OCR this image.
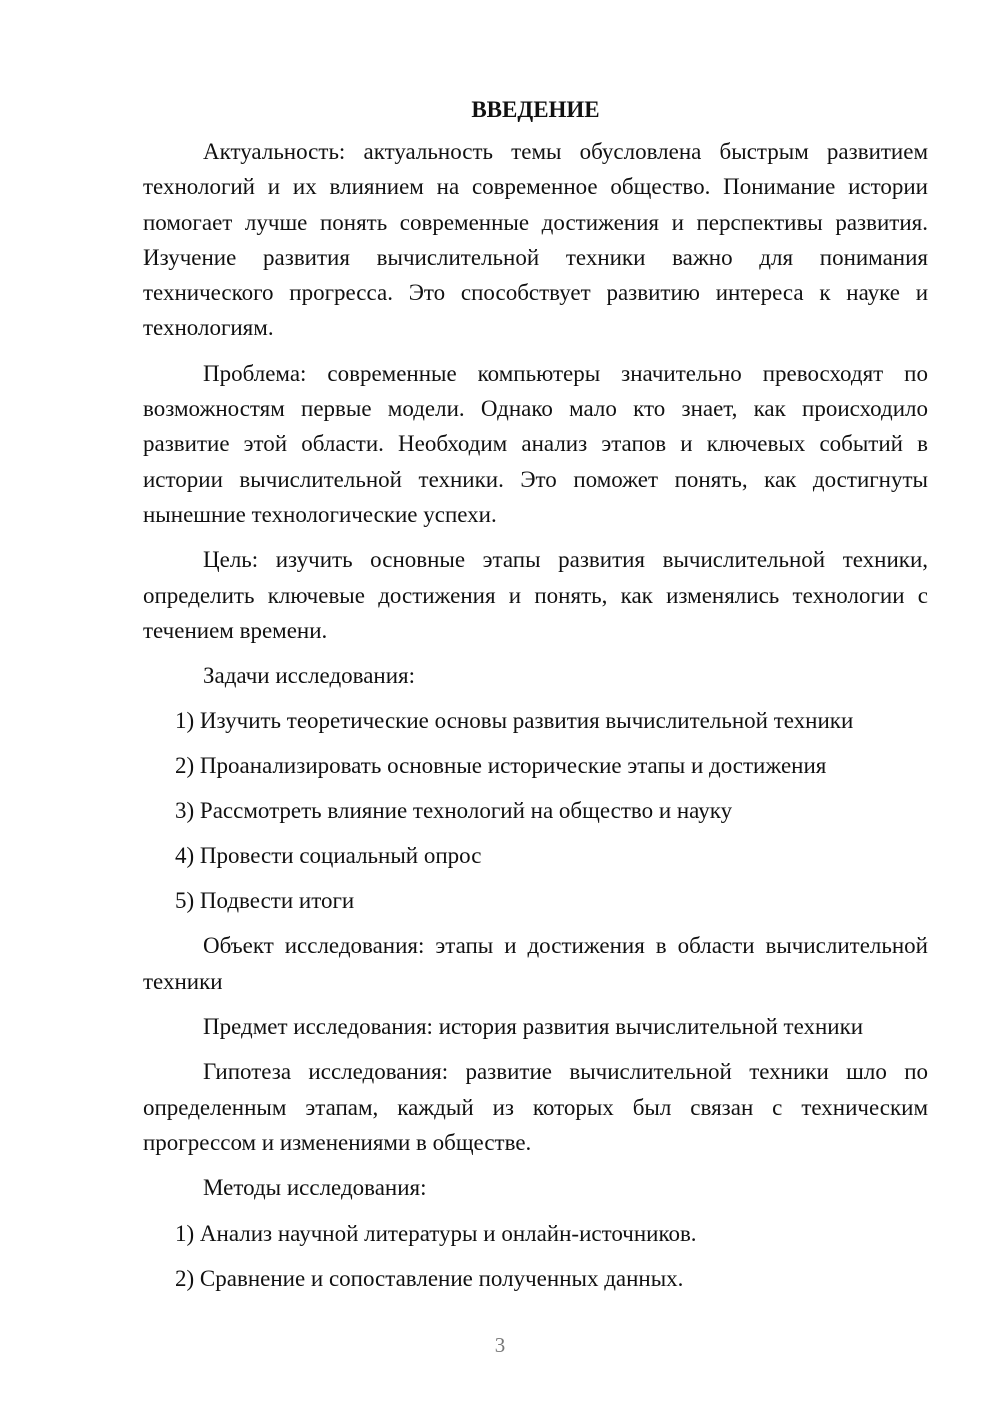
ВВЕДЕНИЕ

Актуальность: актуальность темы обусловлена быстрым развитием технологий и их влиянием на современное общество. Понимание истории помогает лучше понять современные достижения и перспективы развития. Изучение развития вычислительной техники важно для понимания технического прогресса. Это способствует развитию интереса к науке и технологиям.

Проблема: современные компьютеры значительно превосходят по возможностям первые модели. Однако мало кто знает, как происходило развитие этой области. Необходим анализ этапов и ключевых событий в истории вычислительной техники. Это поможет понять, как достигнуты нынешние технологические успехи.

Цель: изучить основные этапы развития вычислительной техники, определить ключевые достижения и понять, как изменялись технологии с течением времени.

Задачи исследования:

1) Изучить теоретические основы развития вычислительной техники
2) Проанализировать основные исторические этапы и достижения
3) Рассмотреть влияние технологий на общество и науку
4) Провести социальный опрос
5) Подвести итоги

Объект исследования: этапы и достижения в области вычислительной техники

Предмет исследования: история развития вычислительной техники

Гипотеза исследования: развитие вычислительной техники шло по определенным этапам, каждый из которых был связан с техническим прогрессом и изменениями в обществе.

Методы исследования:

1) Анализ научной литературы и онлайн-источников.
2) Сравнение и сопоставление полученных данных.
3
